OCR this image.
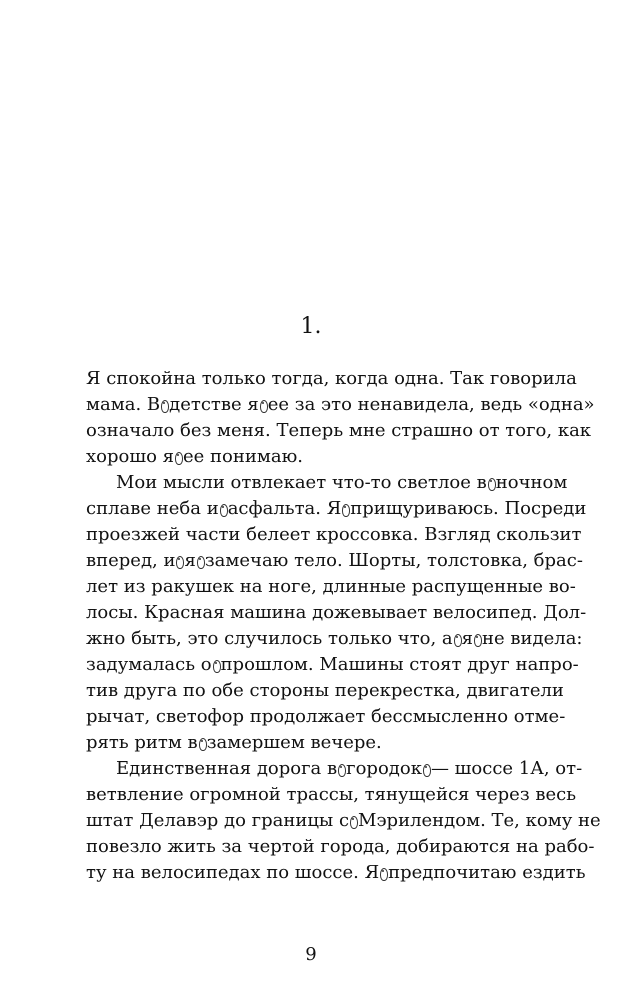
1.
Я спокойна только тогда, когда одна. Так говорила
мама. В детстве я ее за это ненавидела, ведь «одна»
означало без меня. Теперь мне страшно от того, как
хорошо я ее понимаю.
Мои мысли отвлекает что-то светлое в ночном
сплаве неба и асфальта. Я прищуриваюсь. Посреди
проезжей части белеет кроссовка. Взгляд скользит
вперед, и я замечаю тело. Шорты, толстовка, брас-
лет из ракушек на ноге, длинные распущенные во-
лосы. Красная машина дожевывает велосипед. Дол-
жно быть, это случилось только что, а я не видела:
задумалась о прошлом. Машины стоят друг напро-
тив друга по обе стороны перекрестка, двигатели
рычат, светофор продолжает бессмысленно отме-
рять ритм в замершем вечере.
Единственная дорога в городок — шоссе 1А, от-
ветвление огромной трассы, тянущейся через весь
штат Делавэр до границы с Мэрилендом. Те, кому не
повезло жить за чертой города, добираются на рабо-
ту на велосипедах по шоссе. Я предпочитаю ездить
9
